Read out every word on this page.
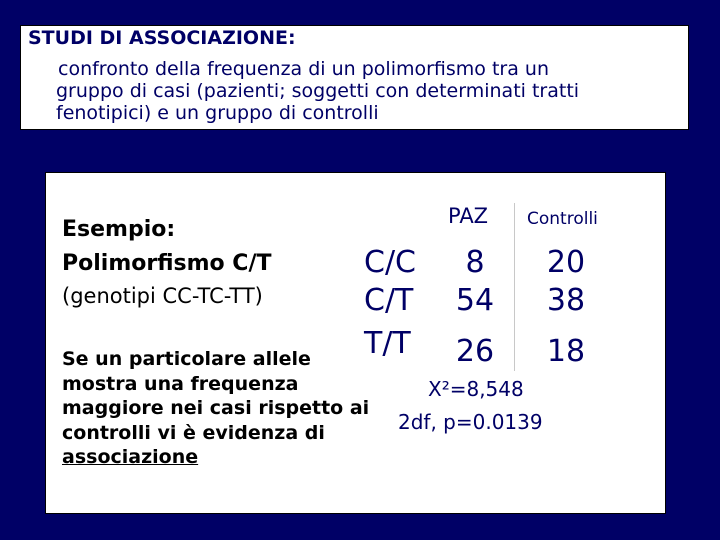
STUDI DI ASSOCIAZIONE:
confronto della frequenza di un polimorfismo tra un
gruppo di casi (pazienti; soggetti con determinati tratti
fenotipici) e un gruppo di controlli
Esempio:
Polimorfismo C/T
(genotipi CC-TC-TT)
PAZ Controlli
C/C
C/T
T/T
8
54
26
20
38
18
X²=8,548
2df, p=0.0139
Se un particolare allele mostra una frequenza maggiore nei casi rispetto ai controlli vi è evidenza di associazione
